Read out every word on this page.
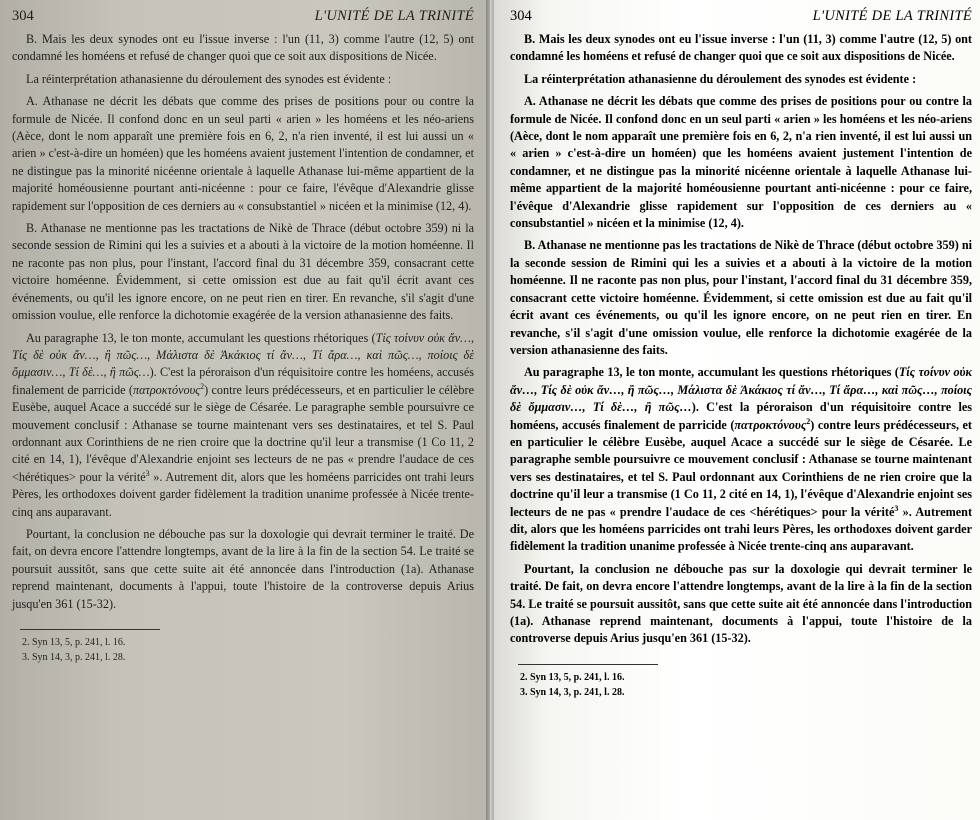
304	L'UNITÉ DE LA TRINITÉ

B. Mais les deux synodes ont eu l'issue inverse : l'un (11, 3) comme l'autre (12, 5) ont condamné les homéens et refusé de changer quoi que ce soit aux dispositions de Nicée.

La réinterprétation athanasienne du déroulement des synodes est évidente :

A. Athanase ne décrit les débats que comme des prises de positions pour ou contre la formule de Nicée. Il confond donc en un seul parti « arien » les homéens et les néo-ariens (Aèce, dont le nom apparaît une première fois en 6, 2, n'a rien inventé, il est lui aussi un « arien » c'est-à-dire un homéen) que les homéens avaient justement l'intention de condamner, et ne distingue pas la minorité nicéenne orientale à laquelle Athanase lui-même appartient de la majorité homéousienne pourtant anti-nicéenne : pour ce faire, l'évêque d'Alexandrie glisse rapidement sur l'opposition de ces derniers au « consubstantiel » nicéen et la minimise (12, 4).

B. Athanase ne mentionne pas les tractations de Nikè de Thrace (début octobre 359) ni la seconde session de Rimini qui les a suivies et a abouti à la victoire de la motion homéenne. Il ne raconte pas non plus, pour l'instant, l'accord final du 31 décembre 359, consacrant cette victoire homéenne. Évidemment, si cette omission est due au fait qu'il écrit avant ces événements, ou qu'il les ignore encore, on ne peut rien en tirer. En revanche, s'il s'agit d'une omission voulue, elle renforce la dichotomie exagérée de la version athanasienne des faits.

Au paragraphe 13, le ton monte, accumulant les questions rhétoriques (Τίς τοίνυν οὐκ ἄν…, Τίς δὲ οὐκ ἄν…, ἢ πῶς…, Μάλιστα δὲ Ἀκάκιος τί ἄν…, Τί ἄρα…, καὶ πῶς…, ποίοις δὲ ὄμμασιν…, Τί δὲ…, ἢ πῶς…). C'est la péroraison d'un réquisitoire contre les homéens, accusés finalement de parricide (πατροκτόνους$^2$) contre leurs prédécesseurs, et en particulier le célèbre Eusèbe, auquel Acace a succédé sur le siège de Césarée. Le paragraphe semble poursuivre ce mouvement conclusif : Athanase se tourne maintenant vers ses destinataires, et tel S. Paul ordonnant aux Corinthiens de ne rien croire que la doctrine qu'il leur a transmise (1 Co 11, 2 cité en 14, 1), l'évêque d'Alexandrie enjoint ses lecteurs de ne pas « prendre l'audace de ces <hérétiques> pour la vérité$^3$ ». Autrement dit, alors que les homéens parricides ont trahi leurs Pères, les orthodoxes doivent garder fidèlement la tradition unanime professée à Nicée trente-cinq ans auparavant.

Pourtant, la conclusion ne débouche pas sur la doxologie qui devrait terminer le traité. De fait, on devra encore l'attendre longtemps, avant de la lire à la fin de la section 54. Le traité se poursuit aussitôt, sans que cette suite ait été annoncée dans l'introduction (1a). Athanase reprend maintenant, documents à l'appui, toute l'histoire de la controverse depuis Arius jusqu'en 361 (15-32).

2. Syn 13, 5, p. 241, l. 16.
3. Syn 14, 3, p. 241, l. 28.
304	L'UNITÉ DE LA TRINITÉ

B. Mais les deux synodes ont eu l'issue inverse : l'un (11, 3) comme l'autre (12, 5) ont condamné les homéens et refusé de changer quoi que ce soit aux dispositions de Nicée.

La réinterprétation athanasienne du déroulement des synodes est évidente :

A. Athanase ne décrit les débats que comme des prises de positions pour ou contre la formule de Nicée. Il confond donc en un seul parti « arien » les homéens et les néo-ariens (Aèce, dont le nom apparaît une première fois en 6, 2, n'a rien inventé, il est lui aussi un « arien » c'est-à-dire un homéen) que les homéens avaient justement l'intention de condamner, et ne distingue pas la minorité nicéenne orientale à laquelle Athanase lui-même appartient de la majorité homéousienne pourtant anti-nicéenne : pour ce faire, l'évêque d'Alexandrie glisse rapidement sur l'opposition de ces derniers au « consubstantiel » nicéen et la minimise (12, 4).

B. Athanase ne mentionne pas les tractations de Nikè de Thrace (début octobre 359) ni la seconde session de Rimini qui les a suivies et a abouti à la victoire de la motion homéenne. Il ne raconte pas non plus, pour l'instant, l'accord final du 31 décembre 359, consacrant cette victoire homéenne. Évidemment, si cette omission est due au fait qu'il écrit avant ces événements, ou qu'il les ignore encore, on ne peut rien en tirer. En revanche, s'il s'agit d'une omission voulue, elle renforce la dichotomie exagérée de la version athanasienne des faits.

Au paragraphe 13, le ton monte, accumulant les questions rhétoriques (Τίς τοίνυν οὐκ ἄν…, Τίς δὲ οὐκ ἄν…, ἢ πῶς…, Μάλιστα δὲ Ἀκάκιος τί ἄν…, Τί ἄρα…, καὶ πῶς…, ποίοις δὲ ὄμμασιν…, Τί δὲ…, ἢ πῶς…). C'est la péroraison d'un réquisitoire contre les homéens, accusés finalement de parricide (πατροκτόνους$^2$) contre leurs prédécesseurs, et en particulier le célèbre Eusèbe, auquel Acace a succédé sur le siège de Césarée. Le paragraphe semble poursuivre ce mouvement conclusif : Athanase se tourne maintenant vers ses destinataires, et tel S. Paul ordonnant aux Corinthiens de ne rien croire que la doctrine qu'il leur a transmise (1 Co 11, 2 cité en 14, 1), l'évêque d'Alexandrie enjoint ses lecteurs de ne pas « prendre l'audace de ces <hérétiques> pour la vérité$^3$ ». Autrement dit, alors que les homéens parricides ont trahi leurs Pères, les orthodoxes doivent garder fidèlement la tradition unanime professée à Nicée trente-cinq ans auparavant.

Pourtant, la conclusion ne débouche pas sur la doxologie qui devrait terminer le traité. De fait, on devra encore l'attendre longtemps, avant de la lire à la fin de la section 54. Le traité se poursuit aussitôt, sans que cette suite ait été annoncée dans l'introduction (1a). Athanase reprend maintenant, documents à l'appui, toute l'histoire de la controverse depuis Arius jusqu'en 361 (15-32).

2. Syn 13, 5, p. 241, l. 16.
3. Syn 14, 3, p. 241, l. 28.
